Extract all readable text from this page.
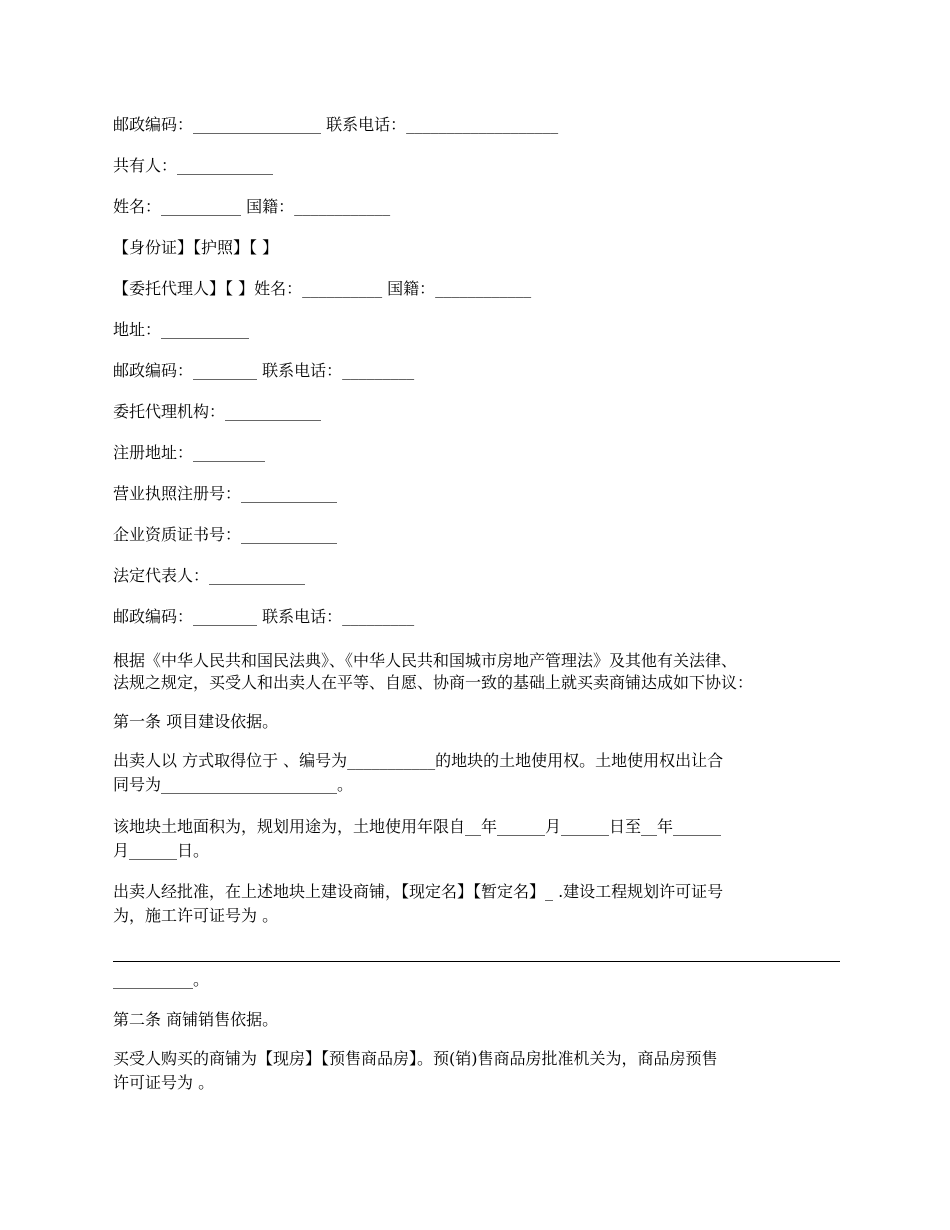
邮政编码：________________ 联系电话：___________________

共有人：____________

姓名：__________ 国籍：____________

【身份证】【护照】【 】

【委托代理人】【 】姓名：__________ 国籍：____________

地址：___________

邮政编码：________ 联系电话：_________

委托代理机构：____________

注册地址：_________

营业执照注册号：____________

企业资质证书号：____________

法定代表人：____________

邮政编码：________ 联系电话：_________

根据《中华人民共和国民法典》、《中华人民共和国城市房地产管理法》及其他有关法律、

法规之规定，买受人和出卖人在平等、自愿、协商一致的基础上就买卖商铺达成如下协议：

第一条 项目建设依据。

出卖人以 方式取得位于 、编号为___________的地块的土地使用权。土地使用权出让合

同号为______________________。

该地块土地面积为，规划用途为，土地使用年限自__年______月______日至__年______

月______日。

出卖人经批准，在上述地块上建设商铺，【现定名】【暂定名】_ .建设工程规划许可证号

为，施工许可证号为 。

__________。

第二条 商铺销售依据。

买受人购买的商铺为【现房】【预售商品房】。预(销)售商品房批准机关为，商品房预售

许可证号为 。
